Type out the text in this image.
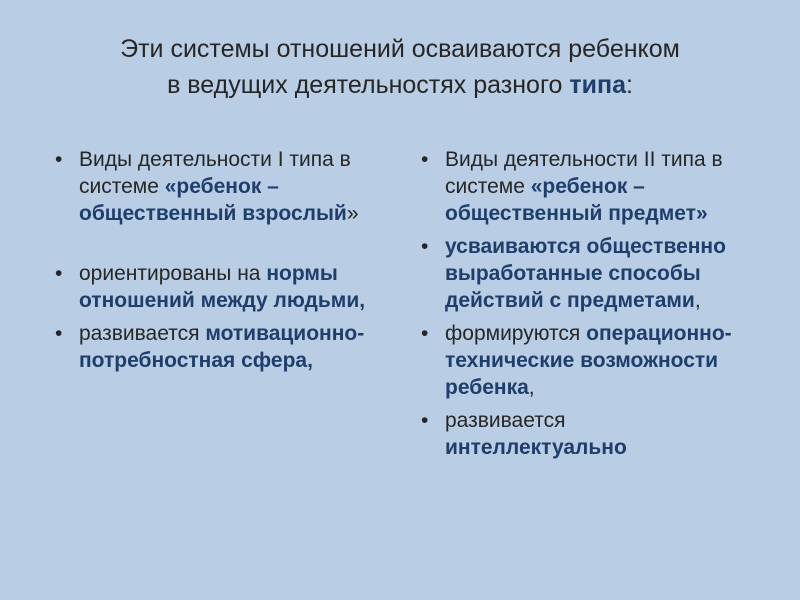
Эти системы отношений осваиваются ребенком
в ведущих деятельностях разного типа:
• Виды деятельности I типа в системе «ребенок – общественный взрослый»
• ориентированы на нормы отношений между людьми,
• развивается мотивационно-потребностная сфера,
• Виды деятельности II типа в системе «ребенок – общественный предмет»
• усваиваются общественно выработанные способы действий с предметами,
• формируются операционно-технические возможности ребенка,
• развивается интеллектуально
